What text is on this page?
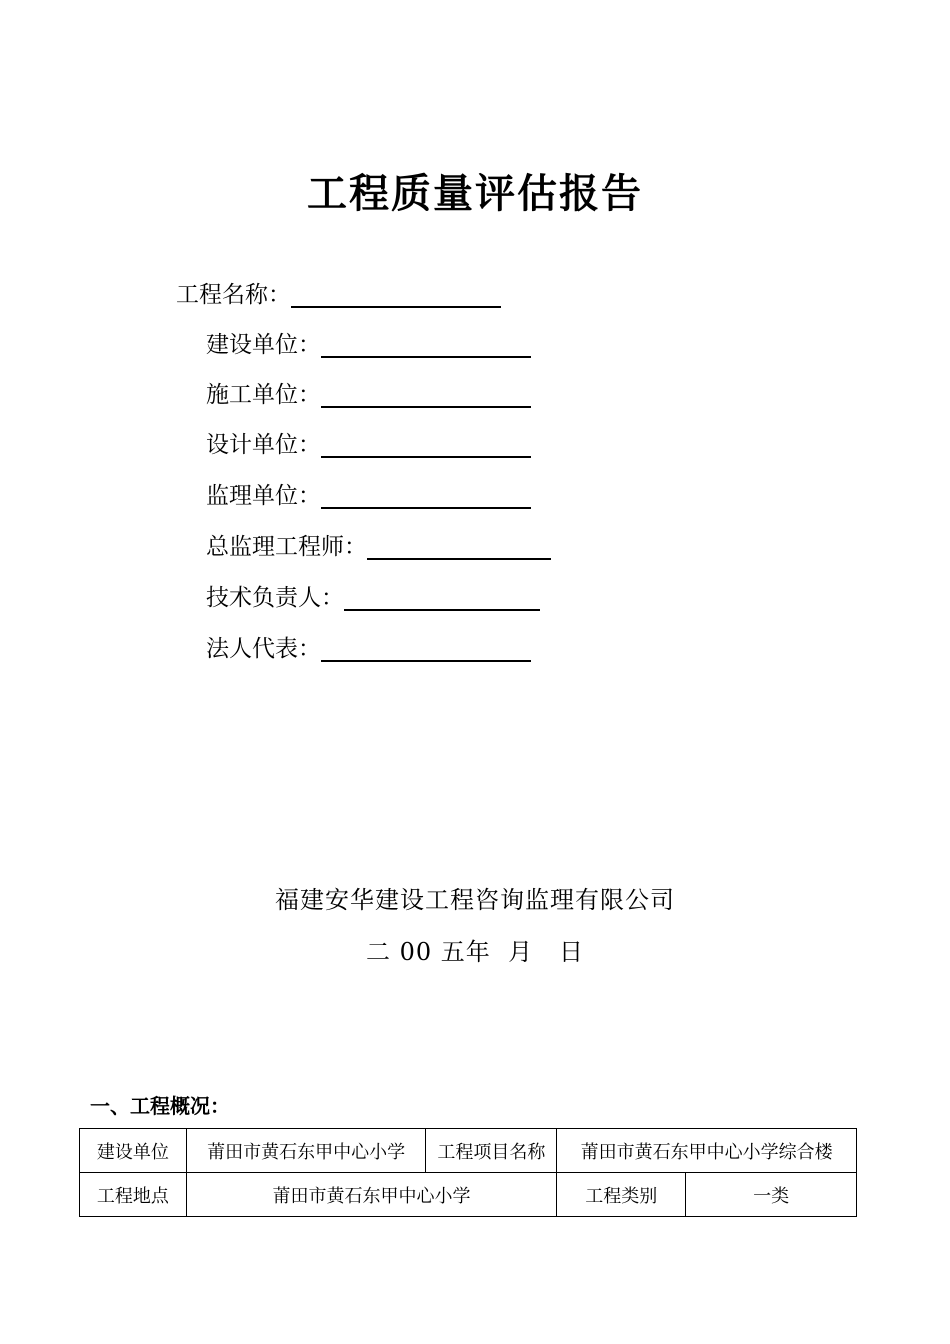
工程质量评估报告
工程名称：
建设单位：
施工单位：
设计单位：
监理单位：
总监理工程师：
技术负责人：
法人代表：
福建安华建设工程咨询监理有限公司
二 00 五年  月   日
一、工程概况：
建设单位	莆田市黄石东甲中心小学	工程项目名称	莆田市黄石东甲中心小学综合楼	
工程地点	莆田市黄石东甲中心小学		工程类别	一类
